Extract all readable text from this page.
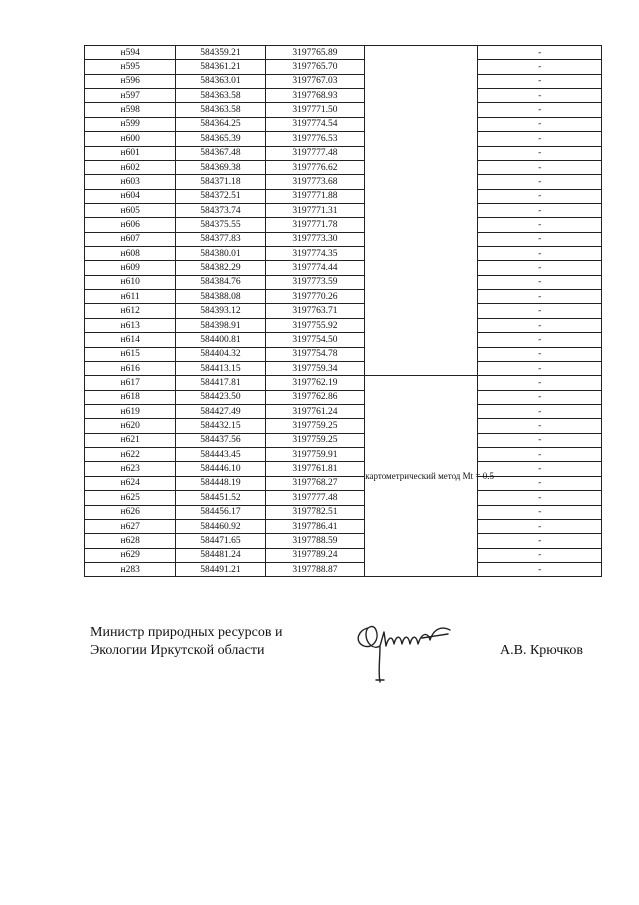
н594	584359.21	3197765.89		-
н595	584361.21	3197765.70		-
н596	584363.01	3197767.03		-
н597	584363.58	3197768.93		-
н598	584363.58	3197771.50		-
н599	584364.25	3197774.54		-
н600	584365.39	3197776.53		-
н601	584367.48	3197777.48		-
н602	584369.38	3197776.62		-
н603	584371.18	3197773.68		-
н604	584372.51	3197771.88		-
н605	584373.74	3197771.31		-
н606	584375.55	3197771.78		-
н607	584377.83	3197773.30		-
н608	584380.01	3197774.35		-
н609	584382.29	3197774.44		-
н610	584384.76	3197773.59		-
н611	584388.08	3197770.26		-
н612	584393.12	3197763.71		-
н613	584398.91	3197755.92		-
н614	584400.81	3197754.50		-
н615	584404.32	3197754.78		-
н616	584413.15	3197759.34		-
н617	584417.81	3197762.19	картометрический метод Mt = 0.5	-
н618	584423.50	3197762.86		-
н619	584427.49	3197761.24		-
н620	584432.15	3197759.25		-
н621	584437.56	3197759.25		-
н622	584443.45	3197759.91		-
н623	584446.10	3197761.81		-
н624	584448.19	3197768.27		-
н625	584451.52	3197777.48		-
н626	584456.17	3197782.51		-
н627	584460.92	3197786.41		-
н628	584471.65	3197788.59		-
н629	584481.24	3197789.24		-
н283	584491.21	3197788.87		-
Министр природных ресурсов и
Экологии Иркутской области	А.В. Крючков
